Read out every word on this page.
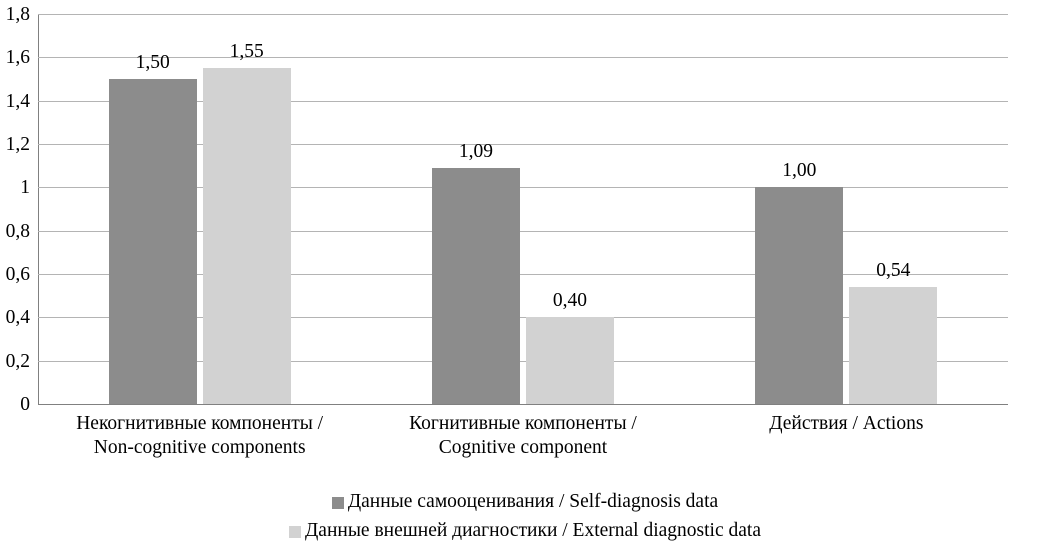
0
0,2
0,4
0,6
0,8
1
1,2
1,4
1,6
1,8
1,50
1,55
1,09
0,40
1,00
0,54
Некогнитивные компоненты /
Non-cognitive components
Когнитивные компоненты /
Cognitive component
Действия / Actions
Данные самооценивания / Self-diagnosis data
Данные внешней диагностики / External diagnostic data
